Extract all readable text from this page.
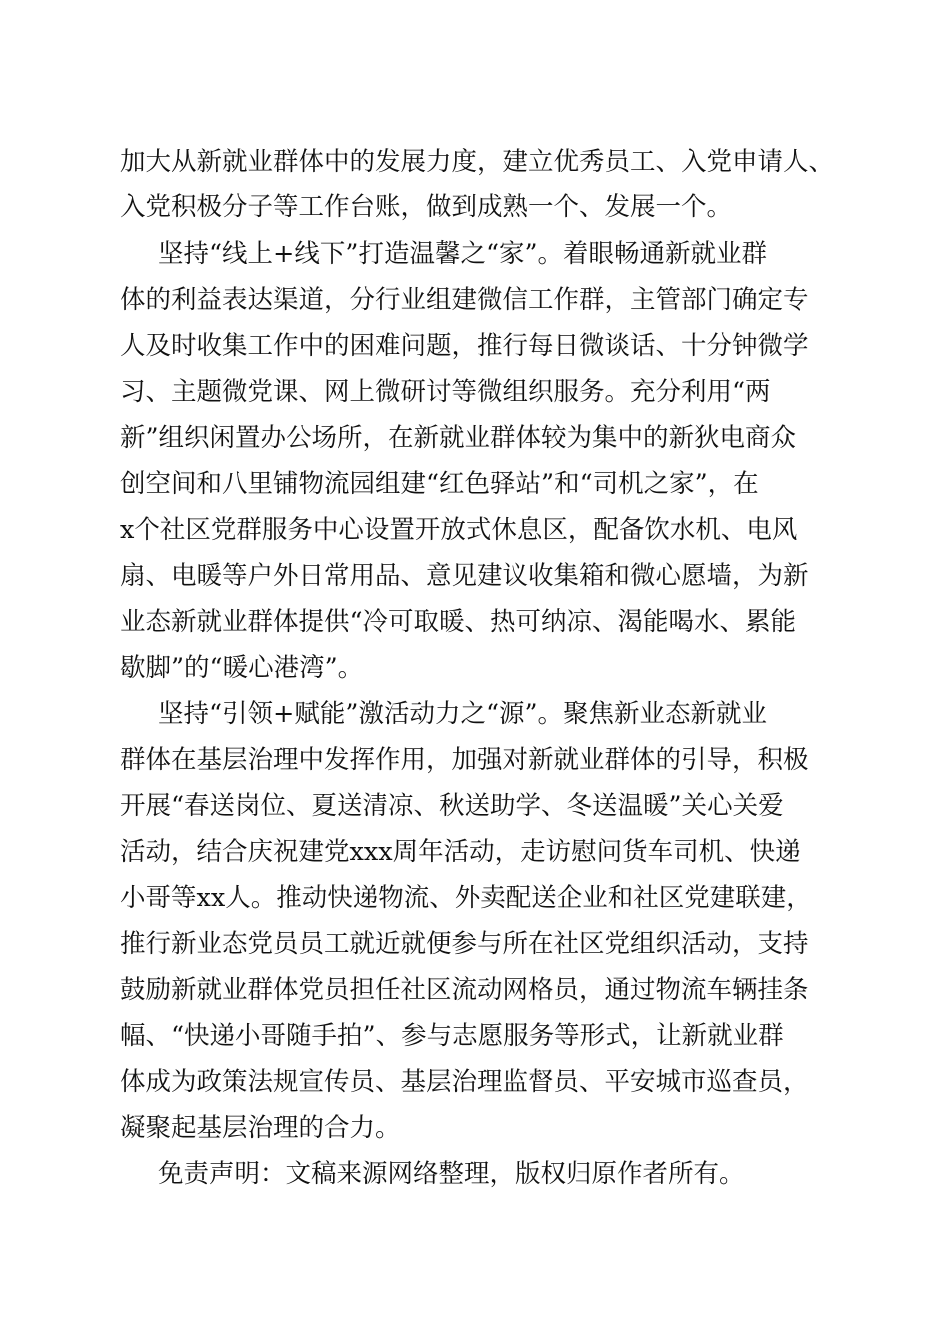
加大从新就业群体中的发展力度，建立优秀员工、入党申请人、
入党积极分子等工作台账，做到成熟一个、发展一个。
坚持“线上+线下”打造温馨之“家”。着眼畅通新就业群
体的利益表达渠道，分行业组建微信工作群，主管部门确定专
人及时收集工作中的困难问题，推行每日微谈话、十分钟微学
习、主题微党课、网上微研讨等微组织服务。充分利用“两
新”组织闲置办公场所，在新就业群体较为集中的新狄电商众
创空间和八里铺物流园组建“红色驿站”和“司机之家”，在
x个社区党群服务中心设置开放式休息区，配备饮水机、电风
扇、电暖等户外日常用品、意见建议收集箱和微心愿墙，为新
业态新就业群体提供“冷可取暖、热可纳凉、渴能喝水、累能
歇脚”的“暖心港湾”。
坚持“引领+赋能”激活动力之“源”。聚焦新业态新就业
群体在基层治理中发挥作用，加强对新就业群体的引导，积极
开展“春送岗位、夏送清凉、秋送助学、冬送温暖”关心关爱
活动，结合庆祝建党xxx周年活动，走访慰问货车司机、快递
小哥等xx人。推动快递物流、外卖配送企业和社区党建联建，
推行新业态党员员工就近就便参与所在社区党组织活动，支持
鼓励新就业群体党员担任社区流动网格员，通过物流车辆挂条
幅、“快递小哥随手拍”、参与志愿服务等形式，让新就业群
体成为政策法规宣传员、基层治理监督员、平安城市巡查员，
凝聚起基层治理的合力。
免责声明：文稿来源网络整理，版权归原作者所有。
